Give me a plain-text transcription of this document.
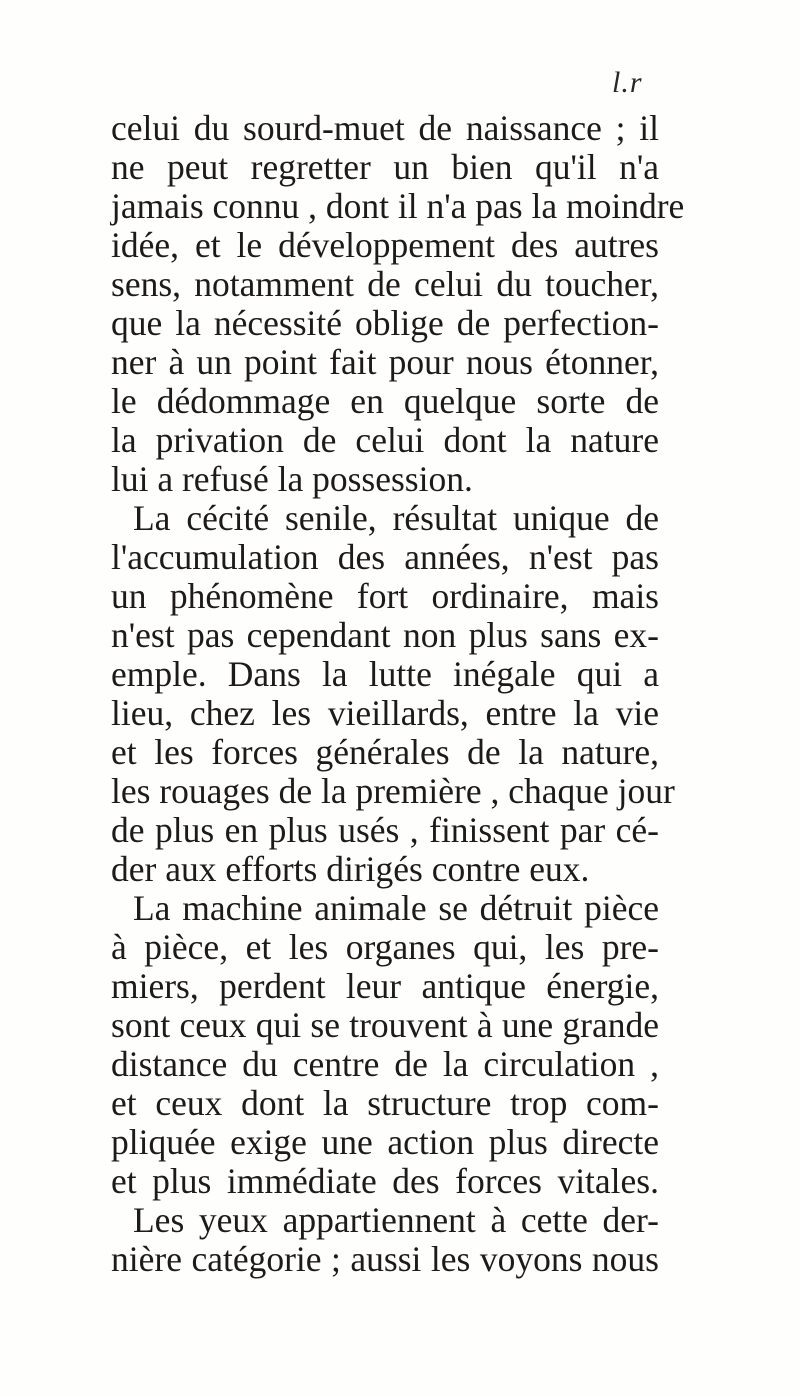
l.r
celui du sourd-muet de naissance ; il
ne peut regretter un bien qu'il n'a
jamais connu , dont il n'a pas la moindre
idée, et le développement des autres
sens, notamment de celui du toucher,
que la nécessité oblige de perfection-
ner à un point fait pour nous étonner,
le dédommage en quelque sorte de
la privation de celui dont la nature
lui a refusé la possession.
La cécité senile, résultat unique de
l'accumulation des années, n'est pas
un phénomène fort ordinaire, mais
n'est pas cependant non plus sans ex-
emple. Dans la lutte inégale qui a
lieu, chez les vieillards, entre la vie
et les forces générales de la nature,
les rouages de la première , chaque jour
de plus en plus usés , finissent par cé-
der aux efforts dirigés contre eux.
La machine animale se détruit pièce
à pièce, et les organes qui, les pre-
miers, perdent leur antique énergie,
sont ceux qui se trouvent à une grande
distance du centre de la circulation ,
et ceux dont la structure trop com-
pliquée exige une action plus directe
et plus immédiate des forces vitales.
Les yeux appartiennent à cette der-
nière catégorie ; aussi les voyons nous
